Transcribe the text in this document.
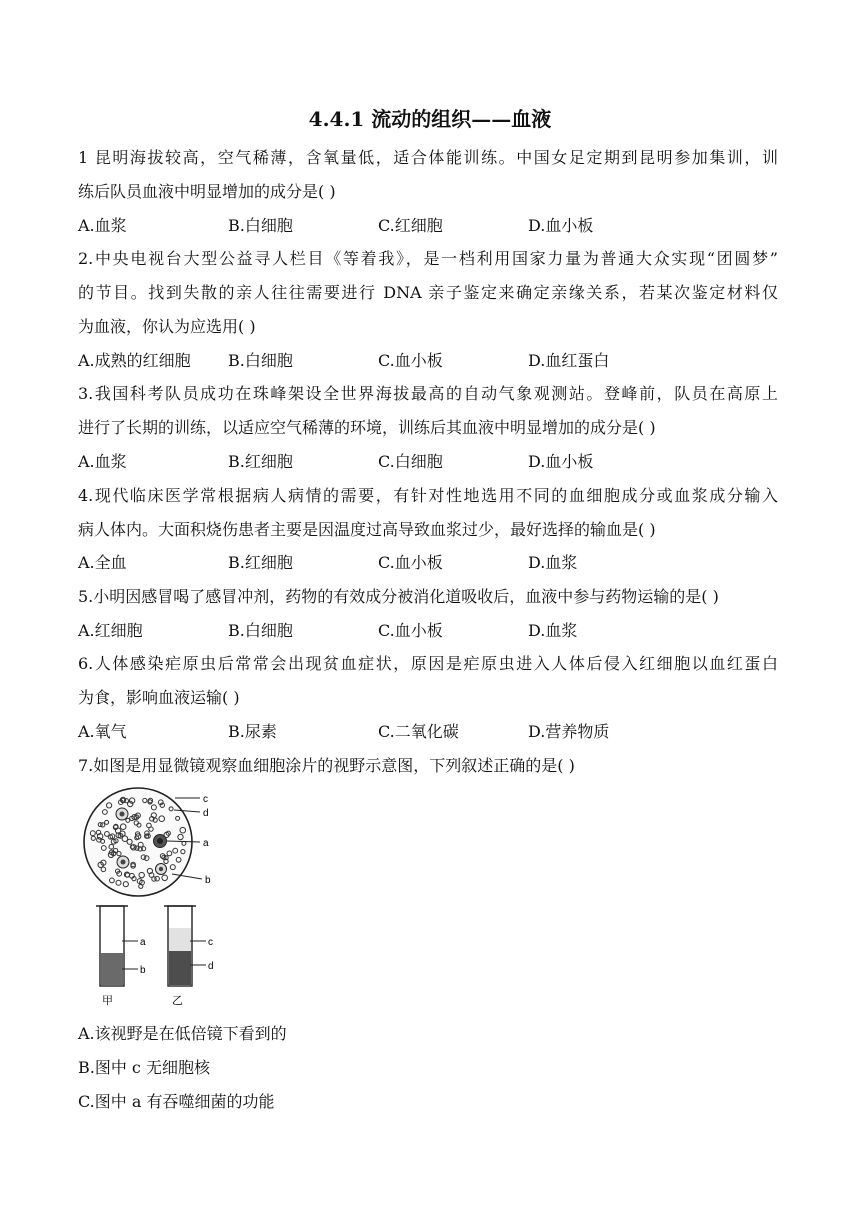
4.4.1 流动的组织——血液
1 昆明海拔较高，空气稀薄，含氧量低，适合体能训练。中国女足定期到昆明参加集训，训
练后队员血液中明显增加的成分是( )
A.血浆	B.白细胞	C.红细胞	D.血小板
2.中央电视台大型公益寻人栏目《等着我》，是一档利用国家力量为普通大众实现“团圆梦”
的节目。找到失散的亲人往往需要进行 DNA 亲子鉴定来确定亲缘关系，若某次鉴定材料仅
为血液，你认为应选用( )
A.成熟的红细胞 B.白细胞	C.血小板	D.血红蛋白
3.我国科考队员成功在珠峰架设全世界海拔最高的自动气象观测站。登峰前，队员在高原上
进行了长期的训练，以适应空气稀薄的环境，训练后其血液中明显增加的成分是( )
A.血浆	B.红细胞	C.白细胞	D.血小板
4.现代临床医学常根据病人病情的需要，有针对性地选用不同的血细胞成分或血浆成分输入
病人体内。大面积烧伤患者主要是因温度过高导致血浆过少，最好选择的输血是( )
A.全血	B.红细胞	C.血小板	D.血浆
5.小明因感冒喝了感冒冲剂，药物的有效成分被消化道吸收后，血液中参与药物运输的是( )
A.红细胞	B.白细胞	C.血小板	D.血浆
6.人体感染疟原虫后常常会出现贫血症状，原因是疟原虫进入人体后侵入红细胞以血红蛋白
为食，影响血液运输( )
A.氧气	B.尿素	C.二氧化碳	D.营养物质
7.如图是用显微镜观察血细胞涂片的视野示意图，下列叙述正确的是( )
c
d
a
b
a
b
甲
c
d
乙
A.该视野是在低倍镜下看到的
B.图中 c 无细胞核
C.图中 a 有吞噬细菌的功能
